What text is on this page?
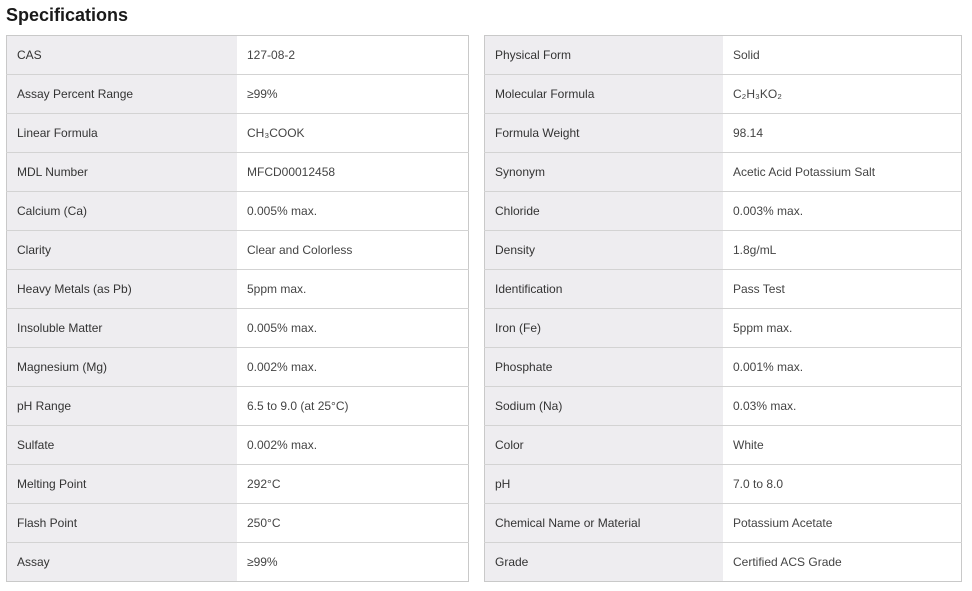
Specifications
CAS	127-08-2
Assay Percent Range	≥99%
Linear Formula	CH₃COOK
MDL Number	MFCD00012458
Calcium (Ca)	0.005% max.
Clarity	Clear and Colorless
Heavy Metals (as Pb)	5ppm max.
Insoluble Matter	0.005% max.
Magnesium (Mg)	0.002% max.
pH Range	6.5 to 9.0 (at 25°C)
Sulfate	0.002% max.
Melting Point	292°C
Flash Point	250°C
Assay	≥99%
Physical Form	Solid
Molecular Formula	C₂H₃KO₂
Formula Weight	98.14
Synonym	Acetic Acid Potassium Salt
Chloride	0.003% max.
Density	1.8g/mL
Identification	Pass Test
Iron (Fe)	5ppm max.
Phosphate	0.001% max.
Sodium (Na)	0.03% max.
Color	White
pH	7.0 to 8.0
Chemical Name or Material	Potassium Acetate
Grade	Certified ACS Grade
